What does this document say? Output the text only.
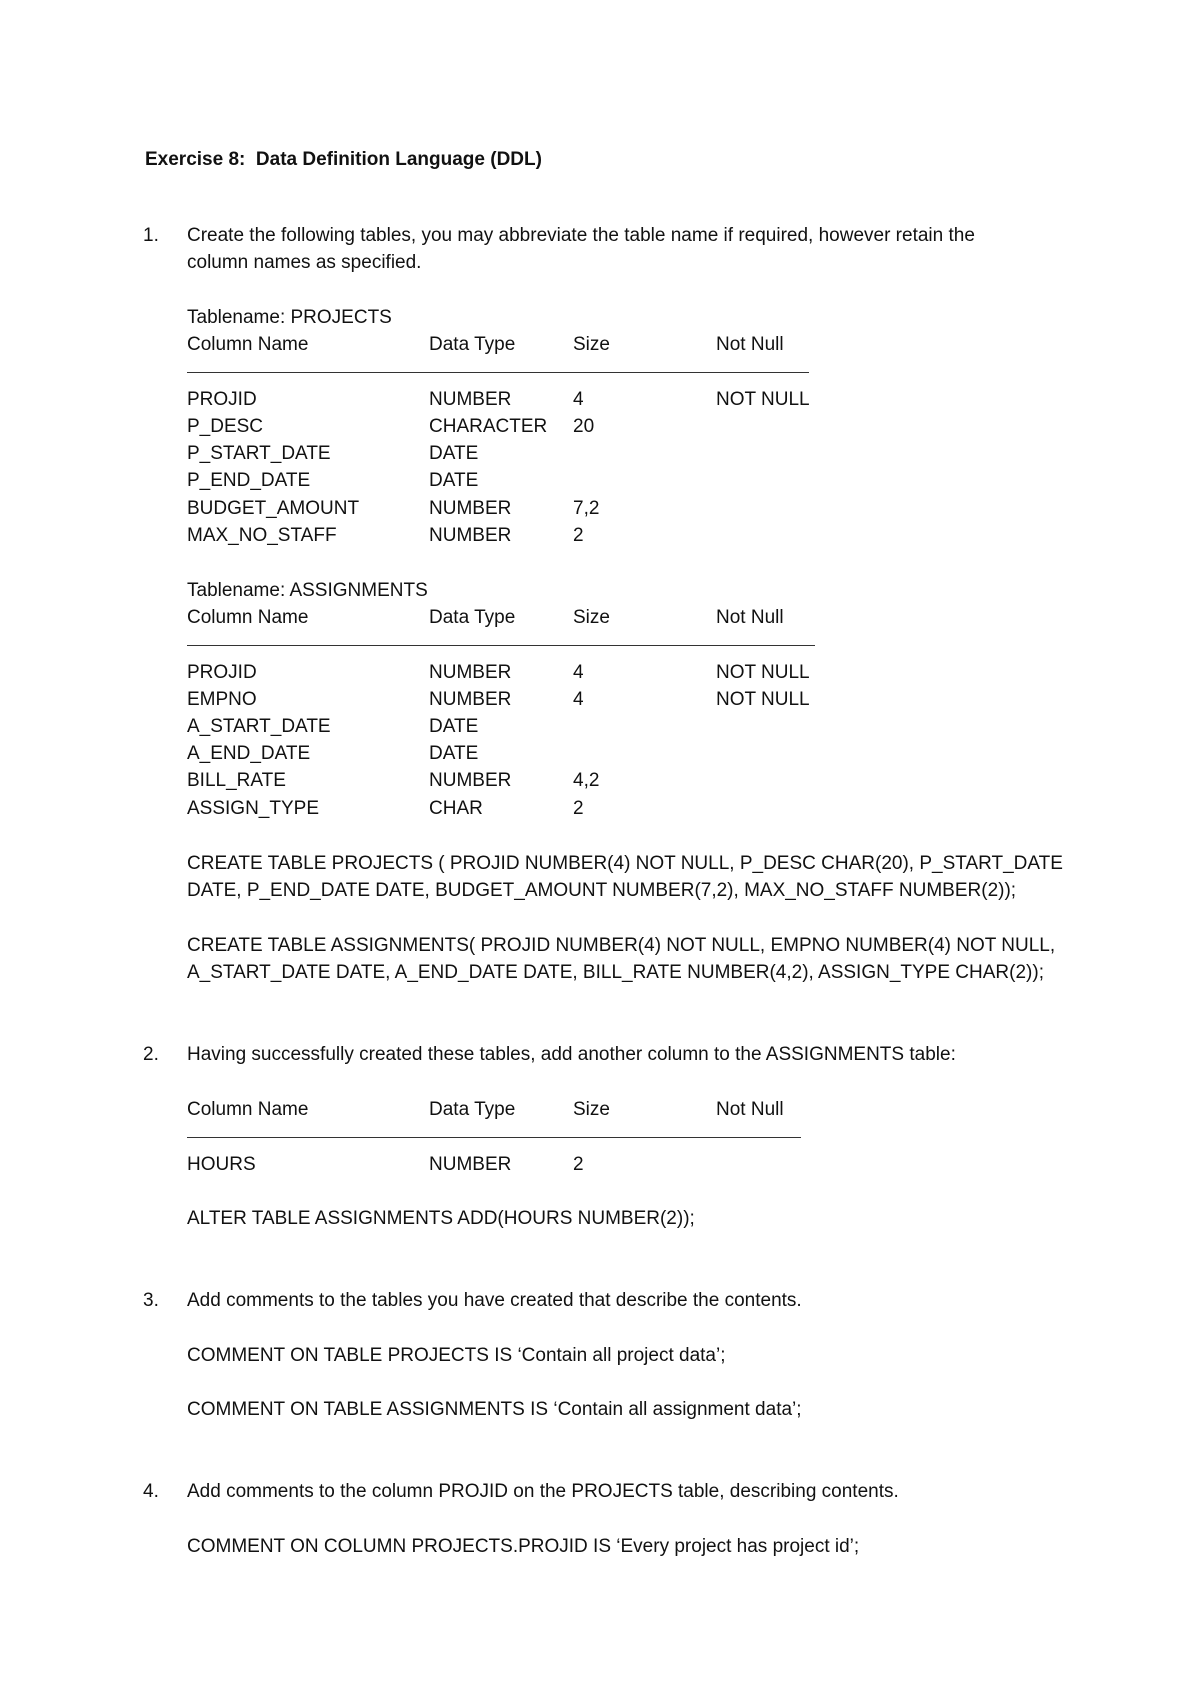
Exercise 8:  Data Definition Language (DDL)
1. Create the following tables, you may abbreviate the table name if required, however retain the
column names as specified.
Tablename: PROJECTS
Column Name	Data Type	Size	Not Null
PROJID	NUMBER	4	NOT NULL
P_DESC	CHARACTER 20
P_START_DATE	DATE
P_END_DATE	DATE
BUDGET_AMOUNT	NUMBER	7,2
MAX_NO_STAFF	NUMBER	2
Tablename: ASSIGNMENTS
Column Name	Data Type	Size	Not Null
PROJID	NUMBER	4	NOT NULL
EMPNO	NUMBER	4	NOT NULL
A_START_DATE	DATE
A_END_DATE	DATE
BILL_RATE	NUMBER	4,2
ASSIGN_TYPE	CHAR	2
CREATE TABLE PROJECTS ( PROJID NUMBER(4) NOT NULL, P_DESC CHAR(20), P_START_DATE
DATE, P_END_DATE DATE, BUDGET_AMOUNT NUMBER(7,2), MAX_NO_STAFF NUMBER(2));
CREATE TABLE ASSIGNMENTS( PROJID NUMBER(4) NOT NULL, EMPNO NUMBER(4) NOT NULL,
A_START_DATE DATE, A_END_DATE DATE, BILL_RATE NUMBER(4,2), ASSIGN_TYPE CHAR(2));
2. Having successfully created these tables, add another column to the ASSIGNMENTS table:
Column Name	Data Type	Size	Not Null
HOURS	NUMBER	2
ALTER TABLE ASSIGNMENTS ADD(HOURS NUMBER(2));
3. Add comments to the tables you have created that describe the contents.
COMMENT ON TABLE PROJECTS IS ‘Contain all project data’;
COMMENT ON TABLE ASSIGNMENTS IS ‘Contain all assignment data’;
4. Add comments to the column PROJID on the PROJECTS table, describing contents.
COMMENT ON COLUMN PROJECTS.PROJID IS ‘Every project has project id’;
